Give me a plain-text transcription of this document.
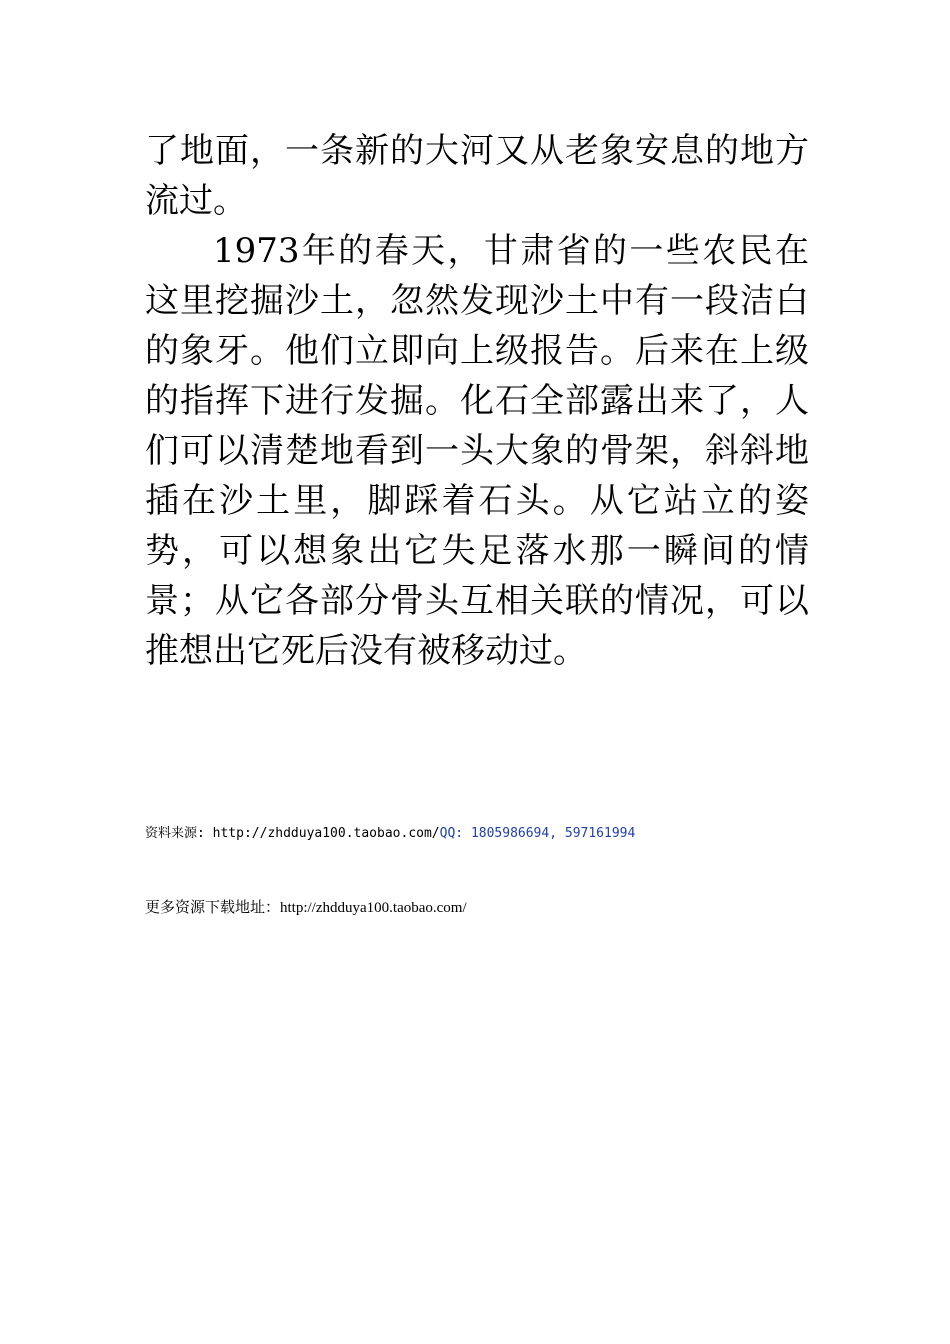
了地面，一条新的大河又从老象安息的地方流过。

1973年的春天，甘肃省的一些农民在这里挖掘沙土，忽然发现沙土中有一段洁白的象牙。他们立即向上级报告。后来在上级的指挥下进行发掘。化石全部露出来了，人们可以清楚地看到一头大象的骨架，斜斜地插在沙土里，脚踩着石头。从它站立的姿势，可以想象出它失足落水那一瞬间的情景；从它各部分骨头互相关联的情况，可以推想出它死后没有被移动过。

资料来源: http://zhdduya100.taobao.com/QQ: 1805986694, 597161994
更多资源下载地址：http://zhdduya100.taobao.com/
